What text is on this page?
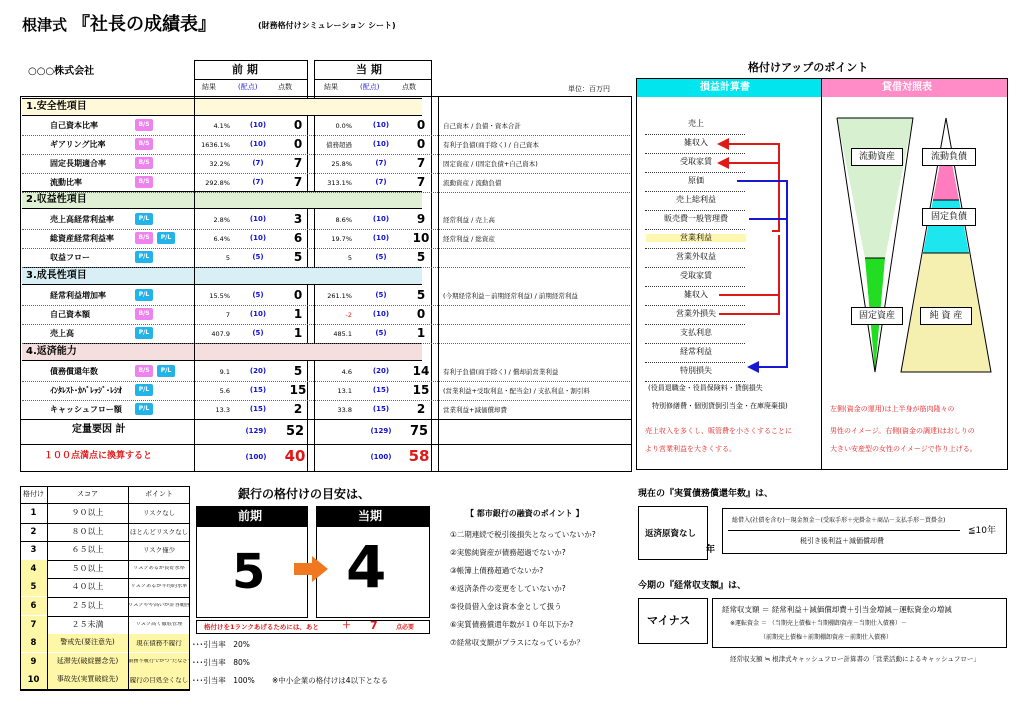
根津式 『社長の成績表』	(財務格付けシミュレーション シート)
○○○株式会社
単位：百万円
前 期	当 期
結果	(配点)	点数	結果	(配点)	点数
1.安全性項目
2.収益性項目
3.成長性項目
4.返済能力
自己資本比率	B/S	4.1%	(10)	0	0.0%	(10)	0	自己資本 / 負債・資本合計
ギアリング比率	B/S	1636.1%	(10)	0	債務超過	(10)	0	有利子負債(商手除く) / 自己資本
固定長期適合率	B/S	32.2%	(7)	7	25.8%	(7)	7	固定資産 / (固定負債+自己資本)
流動比率	B/S	292.8%	(7)	7	313.1%	(7)	7	流動資産 / 流動負債
売上高経常利益率	P/L	2.8%	(10)	3	8.6%	(10)	9	経常利益 / 売上高
総資産経常利益率	B/S	P/L	6.4%	(10)	6	19.7%	(10)	10	経常利益 / 総資産
収益フロー	P/L	5	(5)	5	5	(5)	5
経常利益増加率	P/L	15.5%	(5)	0	261.1%	(5)	5	(今期経常利益－前期経常利益) / 前期経常利益
自己資本額	B/S	7	(10)	1	-2	(10)	0
売上高	P/L	407.9	(5)	1	485.1	(5)	1
債務償還年数	B/S	P/L	9.1	(20)	5	4.6	(20)	14	有利子負債(商手除く) / 償却前営業利益
ｲﾝﾀﾚｽﾄ･ｶﾊﾞﾚｯｼﾞ･ﾚｼｵ	P/L	5.6	(15)	15	13.1	(15)	15	(営業利益+受取利息・配当金) / 支払利息・割引料
キャッシュフロー額	P/L	13.3	(15)	2	33.8	(15)	2	営業利益+減価償却費
定量要因 計	(129)	52	(129)	75
１００点満点に換算すると	(100)	40	(100)	58
格付けアップのポイント
損益計算書	貸借対照表
売上
雑収入
受取家賃
原価
売上総利益
販売費一般管理費
営業利益
営業外収益
受取家賃
雑収入
営業外損失
支払利息
経常利益
特別損失
(役員退職金・役員保険料・貸倒損失
特別修繕費・個別貸倒引当金・在庫廃棄損)
売上収入を多くし、販管費を小さくすることに
より営業利益を大きくする。
流動資産	流動負債
固定負債
固定資産	純 資 産
左側(資金の運用)は上半身が筋肉隆々の
男性のイメージ。右側(資金の調達)はおしりの
大きい安産型の女性のイメージで作り上げる。
格付け	スコア	ポイント
1	９０以上	リスクなし
2	８０以上	ほとんどリスクなし
3	６５以上	リスク僅少
4	５０以上	リスクあるが良好水準
5	４０以上	リスクあるが平均的水準
6	２５以上	リスクやや高いが許容範囲
7	２５未満	リスク高く徹底管理
8	警戒先(要注意先)	現在債務不履行
9	延滞先(破綻懸念先)	債務不履行でかつ"たなざ"
10	事故先(実質破綻先)	履行の目処全くなし
･･･引当率　20%
･･･引当率　80%
･･･引当率　100% ※中小企業の格付けは4以下となる
銀行の格付けの目安は、
前期
5
当期
4
格付けを1ランクあげるためには、あと	＋ 7	点必要
【 都市銀行の融資のポイント 】
①二期連続で税引後損失となっていないか?
②実態純資産が債務超過でないか?
③帳簿上債務超過でないか?
④返済条件の変更をしていないか?
⑤役員借入金は資本金として扱う
⑥実質債務償還年数が１０年以下か?
⑦経常収支額がプラスになっているか？
現在の『実質債務償還年数』は、
返済原資なし
年
総借入(社債を含む)－現金預金－(受取手形＋売掛金＋商品－支払手形－買掛金)
税引き後利益＋減価償却費
≦10年
今期の『経常収支額』は、
マイナス
経常収支額 ＝ 経常利益＋減価償却費＋引当金増減－運転資金の増減
※運転資金 ＝ （当期売上債権＋当期棚卸資産－当期仕入債務）－
（前期売上債権＋前期棚卸資産－前期仕入債務）
経常収支額 ≒ 根津式キャッシュフロー計算書の「営業活動によるキャッシュフロー」
